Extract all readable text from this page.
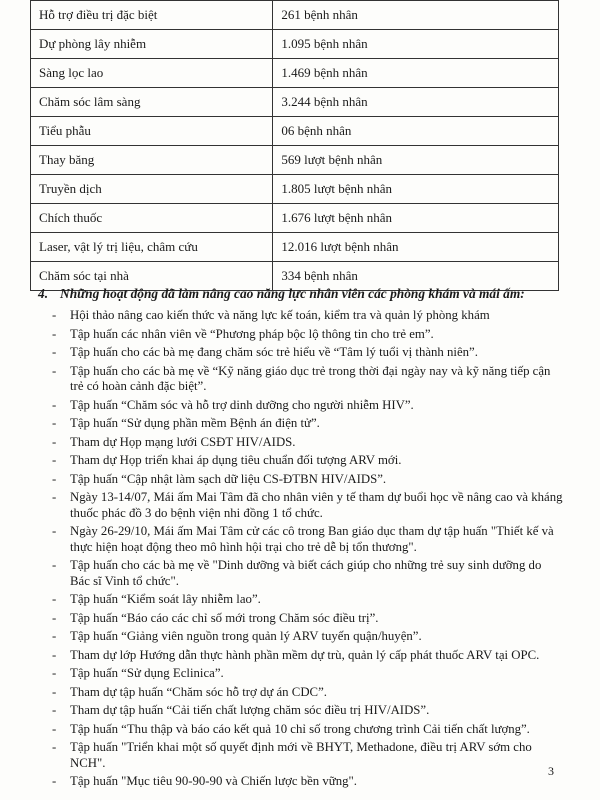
Hỗ trợ điều trị đặc biệt	261 bệnh nhân
Dự phòng lây nhiễm	1.095 bệnh nhân
Sàng lọc lao	1.469 bệnh nhân
Chăm sóc lâm sàng	3.244 bệnh nhân
Tiểu phẫu	06 bệnh nhân
Thay băng	569 lượt bệnh nhân
Truyền dịch	1.805 lượt bệnh nhân
Chích thuốc	1.676 lượt bệnh nhân
Laser, vật lý trị liệu, châm cứu	12.016 lượt bệnh nhân
Chăm sóc tại nhà	334 bệnh nhân
4. Những hoạt động đã làm nâng cao năng lực nhân viên các phòng khám và mái ấm:
- Hội thảo nâng cao kiến thức và năng lực kế toán, kiểm tra và quản lý phòng khám
- Tập huấn các nhân viên về “Phương pháp bộc lộ thông tin cho trẻ em”.
- Tập huấn cho các bà mẹ đang chăm sóc trẻ hiểu về “Tâm lý tuổi vị thành niên”.
- Tập huấn cho các bà mẹ về “Kỹ năng giáo dục trẻ trong thời đại ngày nay và kỹ năng tiếp cận trẻ có hoàn cảnh đặc biệt”.
- Tập huấn “Chăm sóc và hỗ trợ dinh dưỡng cho người nhiễm HIV”.
- Tập huấn “Sử dụng phần mềm Bệnh án điện tử”.
- Tham dự Họp mạng lưới CSĐT HIV/AIDS.
- Tham dự Họp triển khai áp dụng tiêu chuẩn đối tượng ARV mới.
- Tập huấn “Cập nhật làm sạch dữ liệu CS-ĐTBN HIV/AIDS”.
- Ngày 13-14/07, Mái ấm Mai Tâm đã cho nhân viên y tế tham dự buổi học về nâng cao và kháng thuốc phác đồ 3 do bệnh viện nhi đồng 1 tổ chức.
- Ngày 26-29/10, Mái ấm Mai Tâm cử các cô trong Ban giáo dục tham dự tập huấn "Thiết kế và thực hiện hoạt động theo mô hình hội trại cho trẻ dễ bị tổn thương".
- Tập huấn cho các bà mẹ về "Dinh dưỡng và biết cách giúp cho những trẻ suy sinh dưỡng do Bác sĩ Vinh tổ chức".
- Tập huấn “Kiểm soát lây nhiễm lao”.
- Tập huấn “Báo cáo các chỉ số mới trong Chăm sóc điều trị”.
- Tập huấn “Giảng viên nguồn trong quản lý ARV tuyến quận/huyện”.
- Tham dự lớp Hướng dẫn thực hành phần mềm dự trù, quản lý cấp phát thuốc ARV tại OPC.
- Tập huấn “Sử dụng Eclinica”.
- Tham dự tập huấn “Chăm sóc hỗ trợ dự án CDC”.
- Tham dự tập huấn “Cải tiến chất lượng chăm sóc điều trị HIV/AIDS”.
- Tập huấn “Thu thập và báo cáo kết quả 10 chỉ số trong chương trình Cải tiến chất lượng”.
- Tập huấn "Triển khai một số quyết định mới về BHYT, Methadone, điều trị ARV sớm cho NCH".
- Tập huấn "Mục tiêu 90-90-90 và Chiến lược bền vững".
3
